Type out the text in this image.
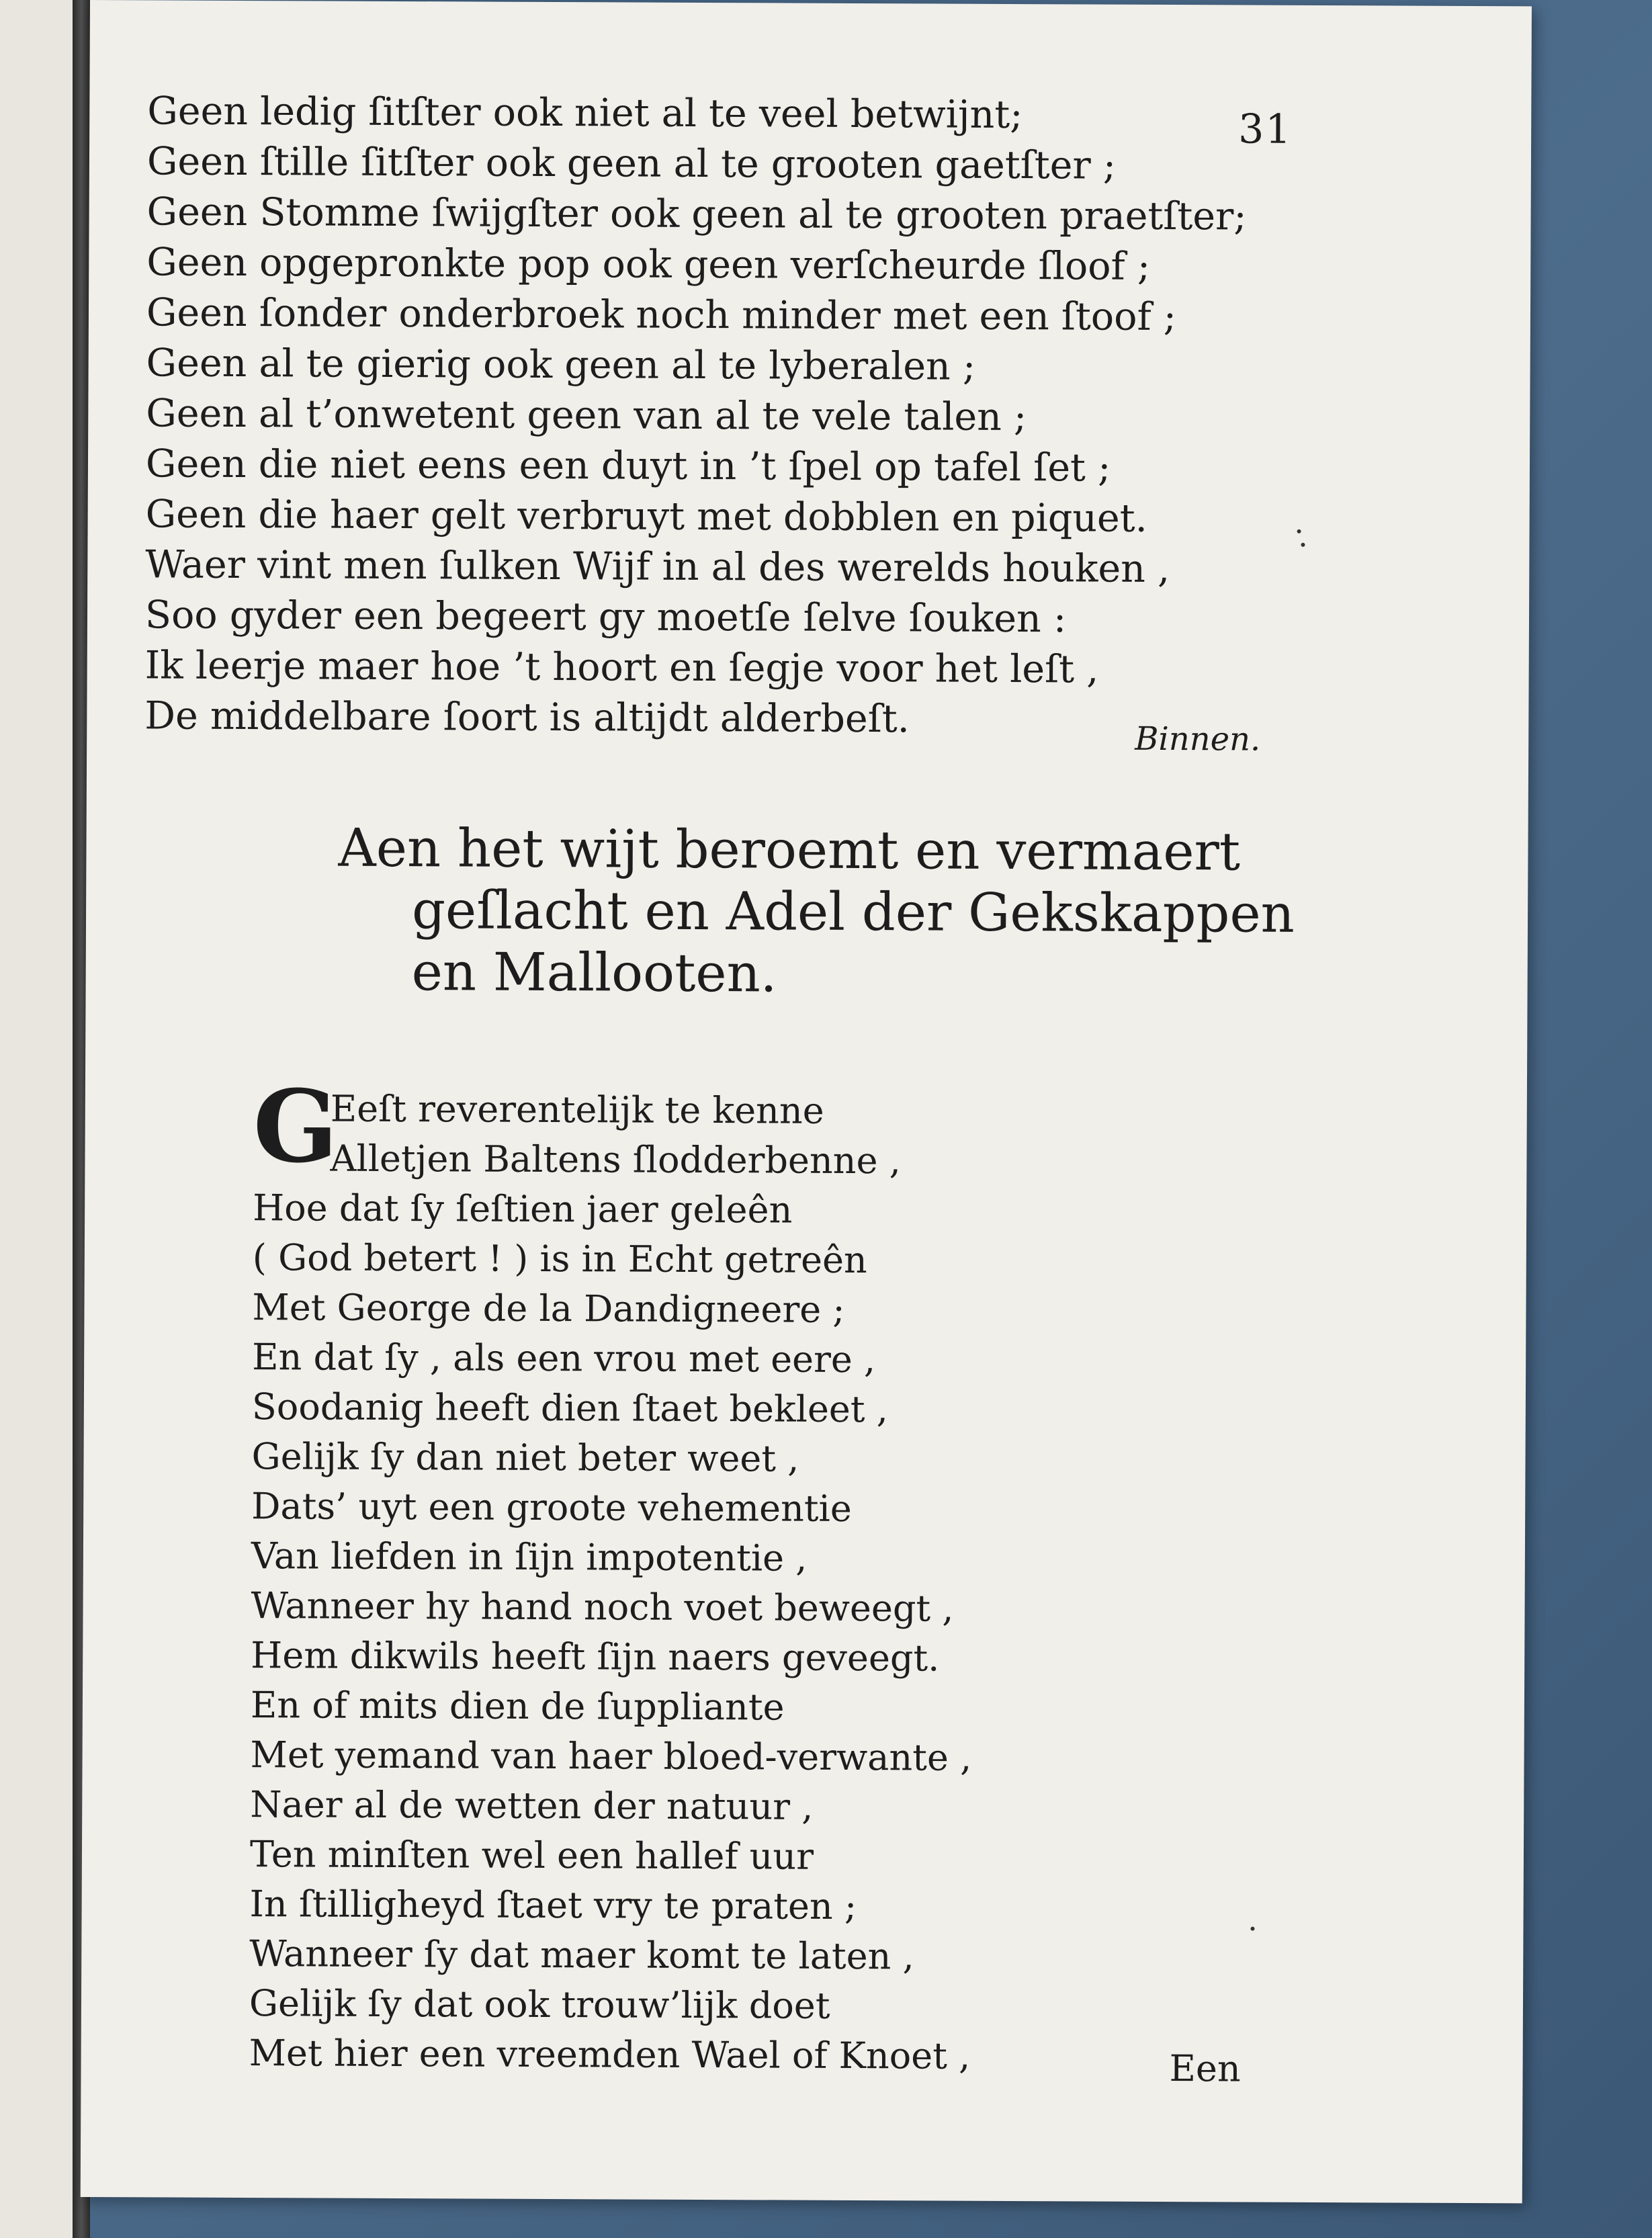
31
Geen ledig ſitſter ook niet al te veel betwijnt;
Geen ſtille ſitſter ook geen al te grooten gaetſter ;
Geen Stomme ſwijgſter ook geen al te grooten praetſter;
Geen opgepronkte pop ook geen verſcheurde ſloof ;
Geen ſonder onderbroek noch minder met een ſtoof ;
Geen al te gierig ook geen al te lyberalen ;
Geen al t’onwetent geen van al te vele talen ;
Geen die niet eens een duyt in ’t ſpel op tafel ſet ;
Geen die haer gelt verbruyt met dobblen en piquet.
Waer vint men ſulken Wijf in al des werelds houken ,
Soo gyder een begeert gy moetſe ſelve ſouken :
Ik leerje maer hoe ’t hoort en ſegje voor het leſt ,
De middelbare ſoort is altijdt alderbeſt.	Binnen.
Aen het wijt beroemt en vermaert
geſlacht en Adel der Gekskappen
en Mallooten.
G
Eeſt reverentelijk te kenne
Alletjen Baltens ſlodderbenne ,
Hoe dat ſy ſeſtien jaer geleên
( God betert ! ) is in Echt getreên
Met George de la Dandigneere ;
En dat ſy , als een vrou met eere ,
Soodanig heeft dien ſtaet bekleet ,
Gelijk ſy dan niet beter weet ,
Dats’ uyt een groote vehementie
Van liefden in ſijn impotentie ,
Wanneer hy hand noch voet beweegt ,
Hem dikwils heeft ſijn naers geveegt.
En of mits dien de ſuppliante
Met yemand van haer bloed-verwante ,
Naer al de wetten der natuur ,
Ten minſten wel een hallef uur
In ſtilligheyd ſtaet vry te praten ;
Wanneer ſy dat maer komt te laten ,
Gelijk ſy dat ook trouw’lijk doet
Met hier een vreemden Wael of Knoet ,	Een
